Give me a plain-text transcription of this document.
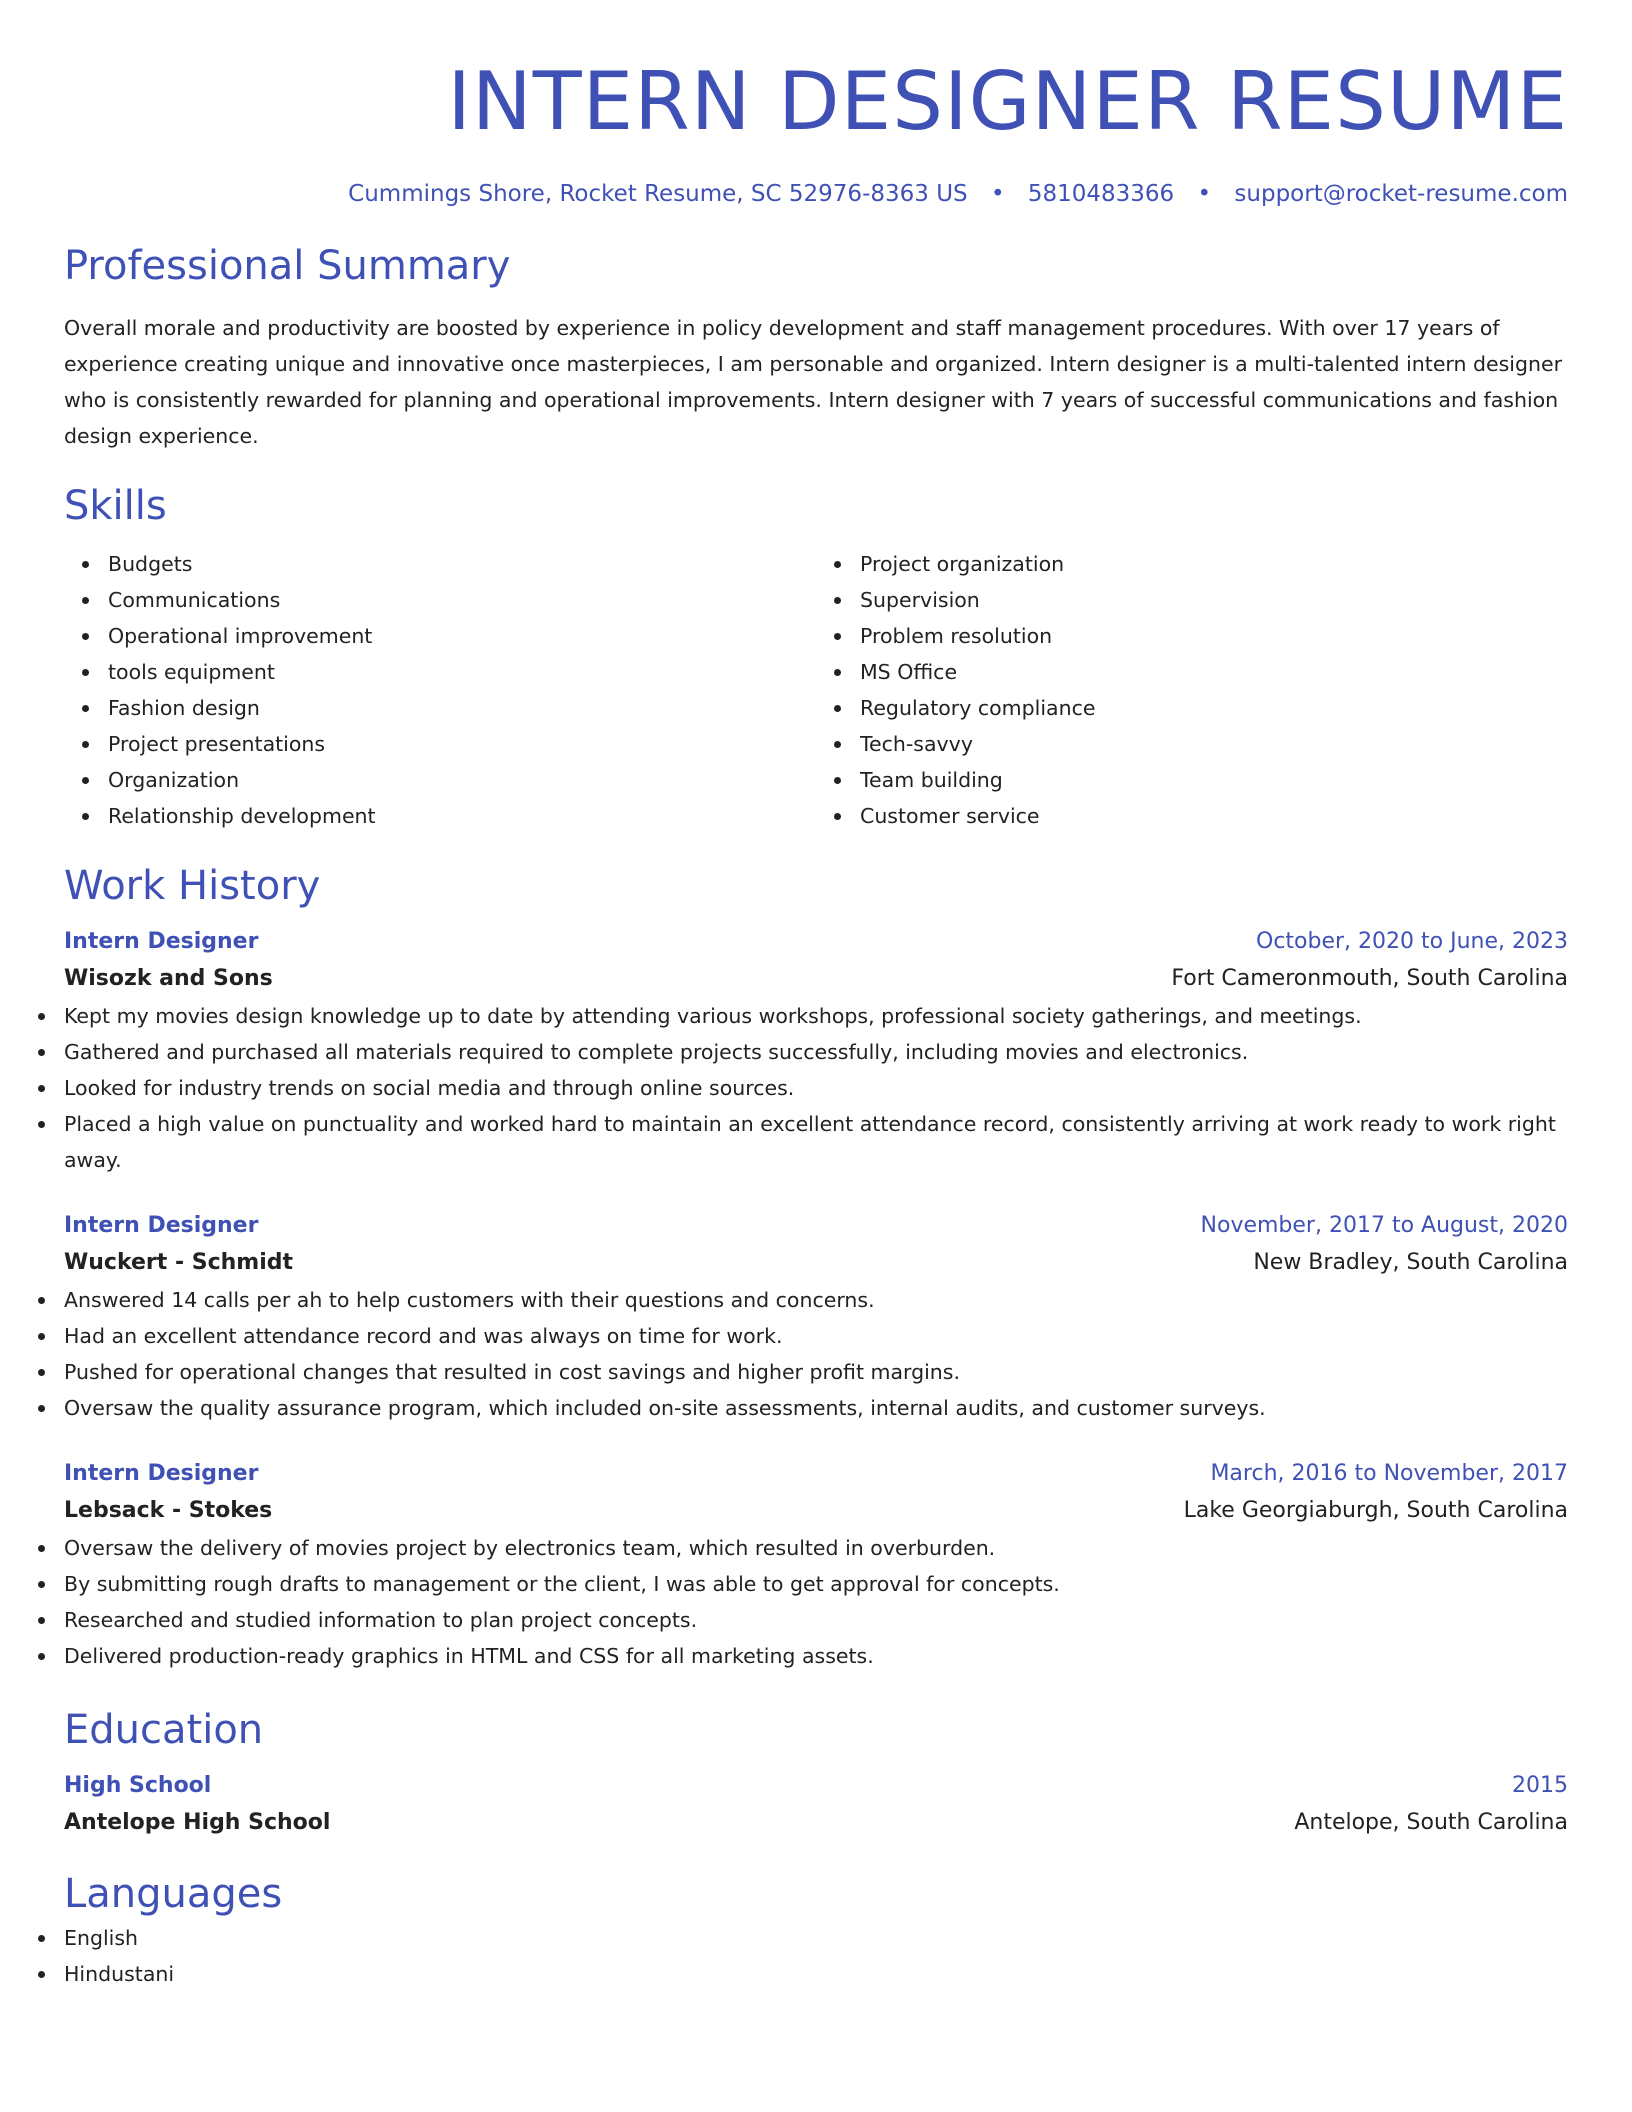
INTERN DESIGNER RESUME
Cummings Shore, Rocket Resume, SC 52976-8363 US • 5810483366 • support@rocket-resume.com
Professional Summary

Overall morale and productivity are boosted by experience in policy development and staff management procedures. With over 17 years of experience creating unique and innovative once masterpieces, I am personable and organized. Intern designer is a multi-talented intern designer who is consistently rewarded for planning and operational improvements. Intern designer with 7 years of successful communications and fashion design experience.

Skills
Budgets
Communications
Operational improvement
tools equipment
Fashion design
Project presentations
Organization
Relationship development
Project organization
Supervision
Problem resolution
MS Office
Regulatory compliance
Tech-savvy
Team building
Customer service
Work History
Intern Designer	October, 2020 to June, 2023
Wisozk and Sons	Fort Cameronmouth, South Carolina
Kept my movies design knowledge up to date by attending various workshops, professional society gatherings, and meetings.
Gathered and purchased all materials required to complete projects successfully, including movies and electronics.
Looked for industry trends on social media and through online sources.
Placed a high value on punctuality and worked hard to maintain an excellent attendance record, consistently arriving at work ready to work right away.
Intern Designer	November, 2017 to August, 2020
Wuckert - Schmidt	New Bradley, South Carolina
Answered 14 calls per ah to help customers with their questions and concerns.
Had an excellent attendance record and was always on time for work.
Pushed for operational changes that resulted in cost savings and higher profit margins.
Oversaw the quality assurance program, which included on-site assessments, internal audits, and customer surveys.
Intern Designer	March, 2016 to November, 2017
Lebsack - Stokes	Lake Georgiaburgh, South Carolina
Oversaw the delivery of movies project by electronics team, which resulted in overburden.
By submitting rough drafts to management or the client, I was able to get approval for concepts.
Researched and studied information to plan project concepts.
Delivered production-ready graphics in HTML and CSS for all marketing assets.
Education
High School	2015
Antelope High School	Antelope, South Carolina
Languages
English
Hindustani
